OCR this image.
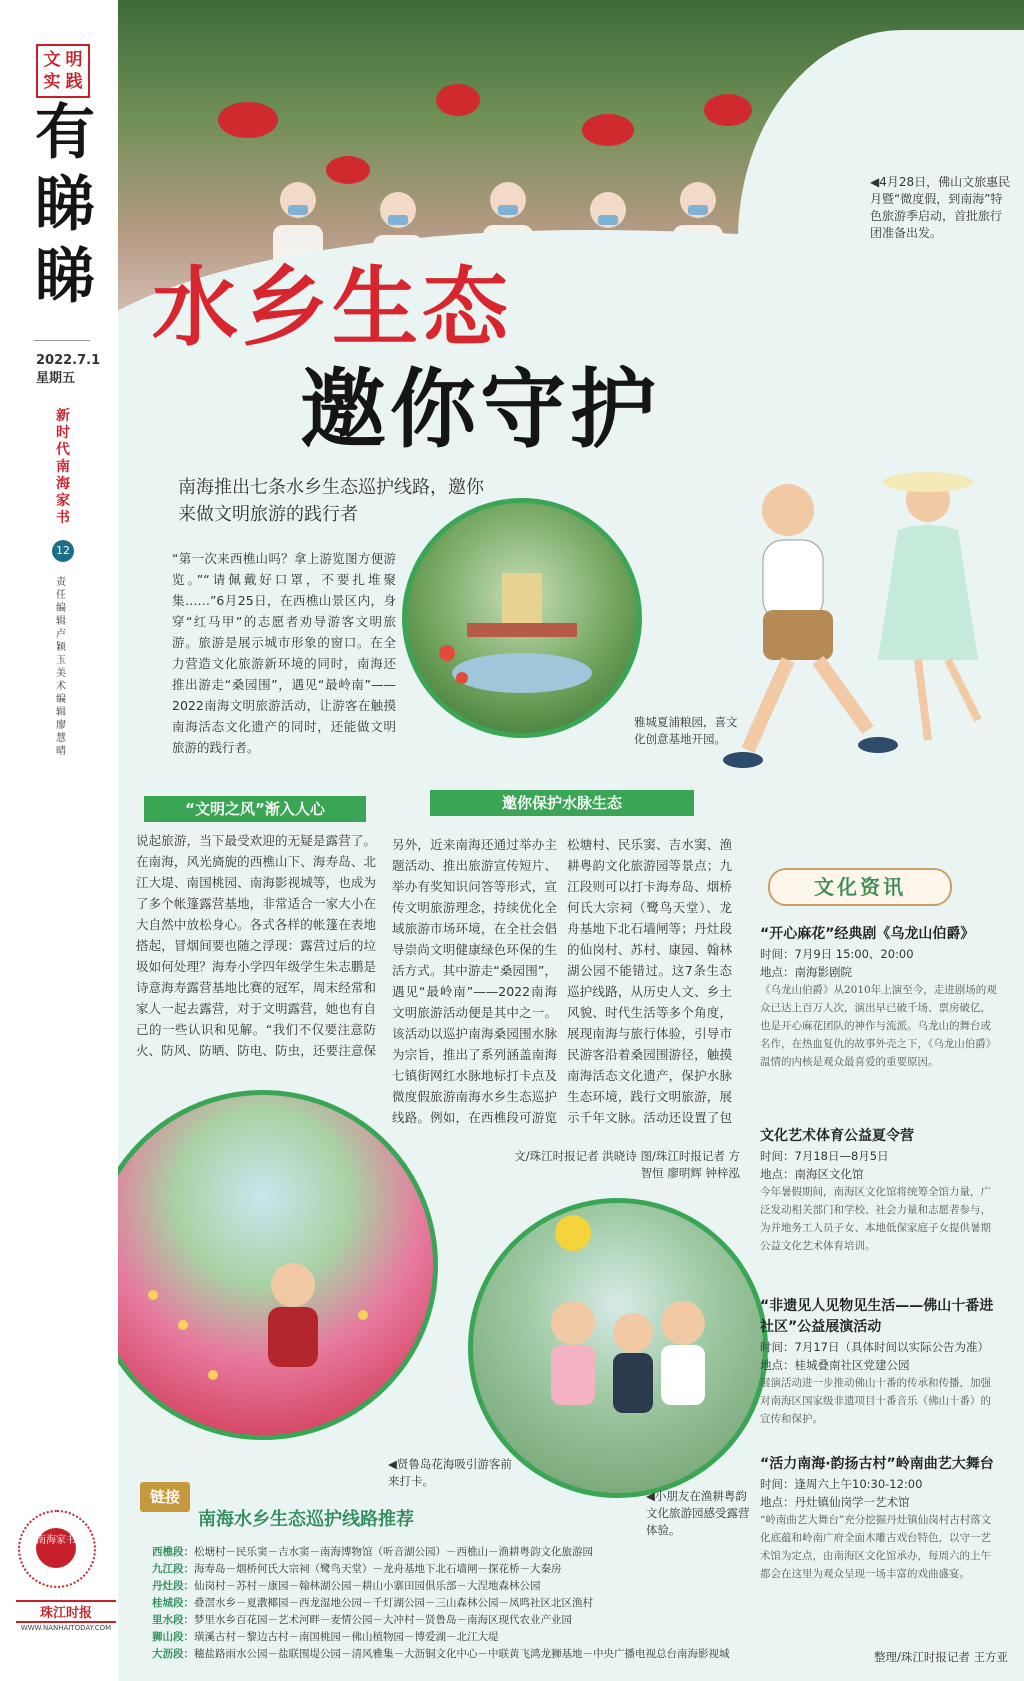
文 明
实 践
有
睇
睇
2022.7.1
星期五
新时代南海家书
12
责任编辑 卢颖玉 美术编辑 廖慧晴
南海家书
珠江时报
WWW.NANHAITODAY.COM
◀4月28日，佛山文旅惠民月暨“微度假，到南海”特色旅游季启动，首批旅行团准备出发。
水乡生态
邀你守护
南海推出七条水乡生态巡护线路，邀你来做文明旅游的践行者
“第一次来西樵山吗？拿上游览图方便游览。”“请佩戴好口罩，不要扎堆聚集……”6月25日，在西樵山景区内，身穿“红马甲”的志愿者劝导游客文明旅游。旅游是展示城市形象的窗口。在全力营造文化旅游新环境的同时，南海还推出游走“桑园围”，遇见“最岭南”——2022南海文明旅游活动，让游客在触摸南海活态文化遗产的同时，还能做文明旅游的践行者。
雅城夏浦粮园，喜文化创意基地开园。
“文明之风”渐入人心
说起旅游，当下最受欢迎的无疑是露营了。在南海，风光旖旎的西樵山下、海寿岛、北江大堤、南国桃园、南海影视城等，也成为了多个帐篷露营基地，非常适合一家大小在大自然中放松身心。各式各样的帐篷在表地搭起，冒烟间要也随之浮现：露营过后的垃圾如何处理？海寿小学四年级学生朱志鹏是诗意海寿露营基地比赛的冠军，周末经常和家人一起去露营，对于文明露营，她也有自己的一些认识和见解。“我们不仅要注意防火、防风、防晒、防电、防虫，还要注意保
邀你保护水脉生态
另外，近来南海还通过举办主题活动、推出旅游宣传短片、举办有奖知识问答等形式，宣传文明旅游理念，持续优化全域旅游市场环境，在全社会倡导崇尚文明健康绿色环保的生活方式。其中游走“桑园围”，遇见“最岭南”——2022南海文明旅游活动便是其中之一。该活动以巡护南海桑园围水脉为宗旨，推出了系列涵盖南海七镇街网红水脉地标打卡点及微度假旅游南海水乡生态巡护线路。例如，在西樵段可游览松塘村、民乐窦、吉水窦、渔耕粤韵文化旅游园等景点；九江段则可以打卡海寿岛、烟桥何氏大宗祠（鹭鸟天堂）、龙舟基地下北石墙闸等；丹灶段的仙岗村、苏村、康园、翰林湖公园不能错过。这7条生态巡护线路，从历史人文、乡土风貌、时代生活等多个角度，展现南海与旅行体验，引导市民游客沿着桑园围游径，触摸南海活态文化遗产，保护水脉生态环境，践行文明旅游，展示千年文脉。活动还设置了包
文/珠江时报记者 洪晓诗 图/珠江时报记者 方智恒 廖明辉 钟梓泓
◀贤鲁岛花海吸引游客前来打卡。
◀小朋友在渔耕粤韵文化旅游园感受露营体验。
文化资讯
“开心麻花”经典剧《乌龙山伯爵》
时间：7月9日 15:00、20:00
地点：南海影剧院
《乌龙山伯爵》从2010年上演至今，走进剧场的观众已达上百万人次，演出早已破千场、票房破亿，也是开心麻花团队的神作与流派。乌龙山的舞台或名作，在热血复仇的故事外壳之下，《乌龙山伯爵》温情的内核是观众最喜爱的重要原因。
文化艺术体育公益夏令营
时间：7月18日—8月5日
地点：南海区文化馆
今年暑假期间，南海区文化馆将统筹全馆力量，广泛发动相关部门和学校、社会力量和志愿者参与，为并地务工人员子女、本地低保家庭子女提供暑期公益文化艺术体育培训。
“非遗见人见物见生活——佛山十番进社区”公益展演活动
时间：7月17日（具体时间以实际公告为准）
地点：桂城叠南社区党建公园
展演活动进一步推动佛山十番的传承和传播，加强对南海区国家级非遗项目十番音乐（佛山十番）的宣传和保护。
“活力南海·韵扬古村”岭南曲艺大舞台
时间：逢周六上午10:30-12:00
地点：丹灶镇仙岗学一艺术馆
“岭南曲艺大舞台”充分挖掘丹灶镇仙岗村古村落文化底蕴和岭南广府全面木雕古戏台特色，以守一艺术馆为定点，由南海区文化馆承办，每周六的上午都会在这里为观众呈现一场丰富的戏曲盛宴。
整理/珠江时报记者 王方亚
链接
南海水乡生态巡护线路推荐
西樵段：松塘村－民乐窦－吉水窦－南海博物馆（听音湖公园）－西樵山－渔耕粤韵文化旅游园
九江段：海寿岛－烟桥何氏大宗祠（鹭鸟天堂）－龙舟基地下北石墙闸－探花桥－大秦房
丹灶段：仙岗村－苏村－康园－翰林湖公园－耕山小寨田园俱乐部－大涅地森林公园
桂城段：叠滘水乡－夏漖椰园－西龙湿地公园－千灯湖公园－三山森林公园－凤鸣社区北区渔村
里水段：梦里水乡百花园－艺术河畔－麦情公园－大冲村－贤鲁岛－南海区现代农业产业园
狮山段：璜溪古村－黎边古村－南国桃园－佛山植物园－博爱湖－北江大堤
大沥段：穗盐路雨水公园－盐联围堤公园－清风雅集－大沥铜文化中心－中联黄飞鸿龙狮基地－中央广播电视总台南海影视城
